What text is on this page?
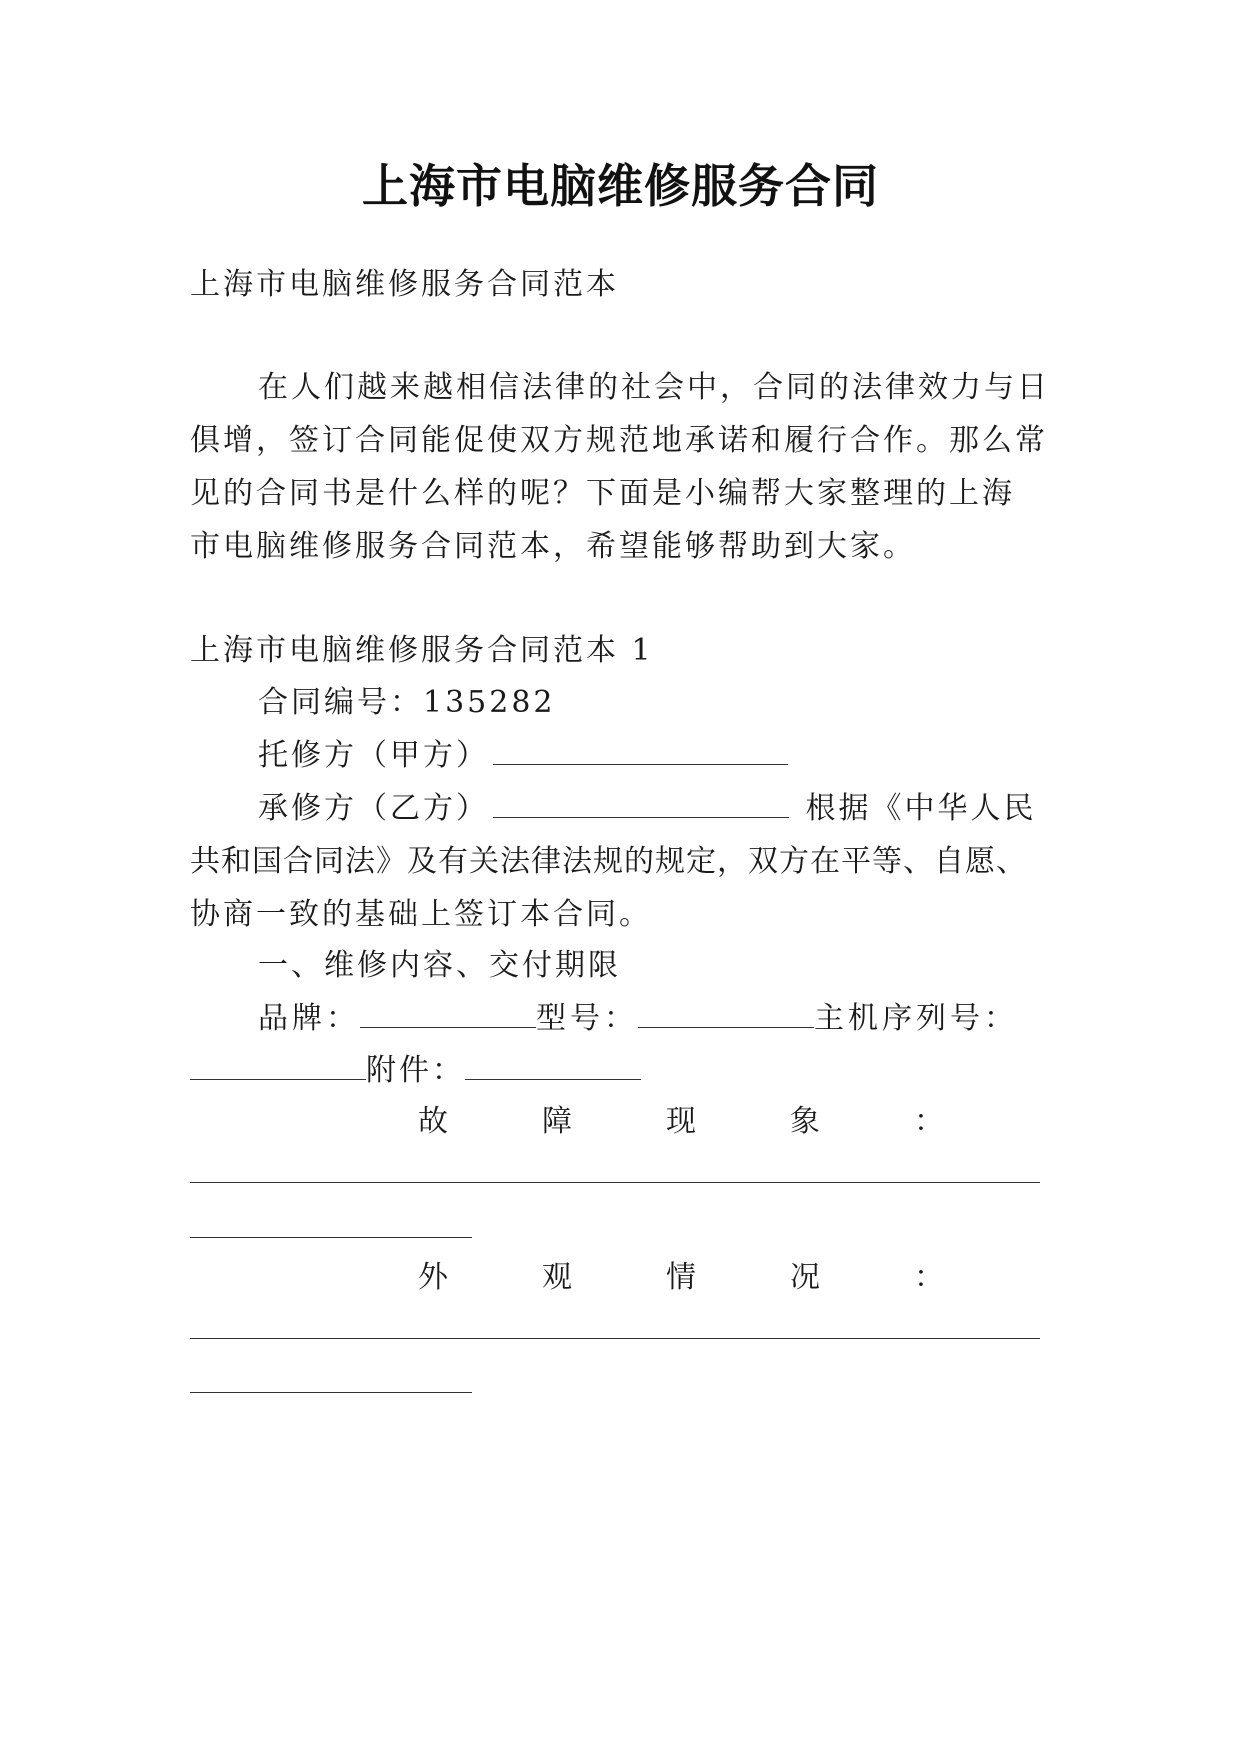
上海市电脑维修服务合同
上海市电脑维修服务合同范本
在人们越来越相信法律的社会中，合同的法律效力与日
俱增，签订合同能促使双方规范地承诺和履行合作。那么常
见的合同书是什么样的呢？下面是小编帮大家整理的上海
市电脑维修服务合同范本，希望能够帮助到大家。
上海市电脑维修服务合同范本 1
合同编号：135282
托修方（甲方）
承修方（乙方）	根据《中华人民
共和国合同法》及有关法律法规的规定，双方在平等、自愿、
协商一致的基础上签订本合同。
一、维修内容、交付期限
品牌：	型号：	主机序列号：
附件：
故	障	现	象	：
外	观	情	况	：
